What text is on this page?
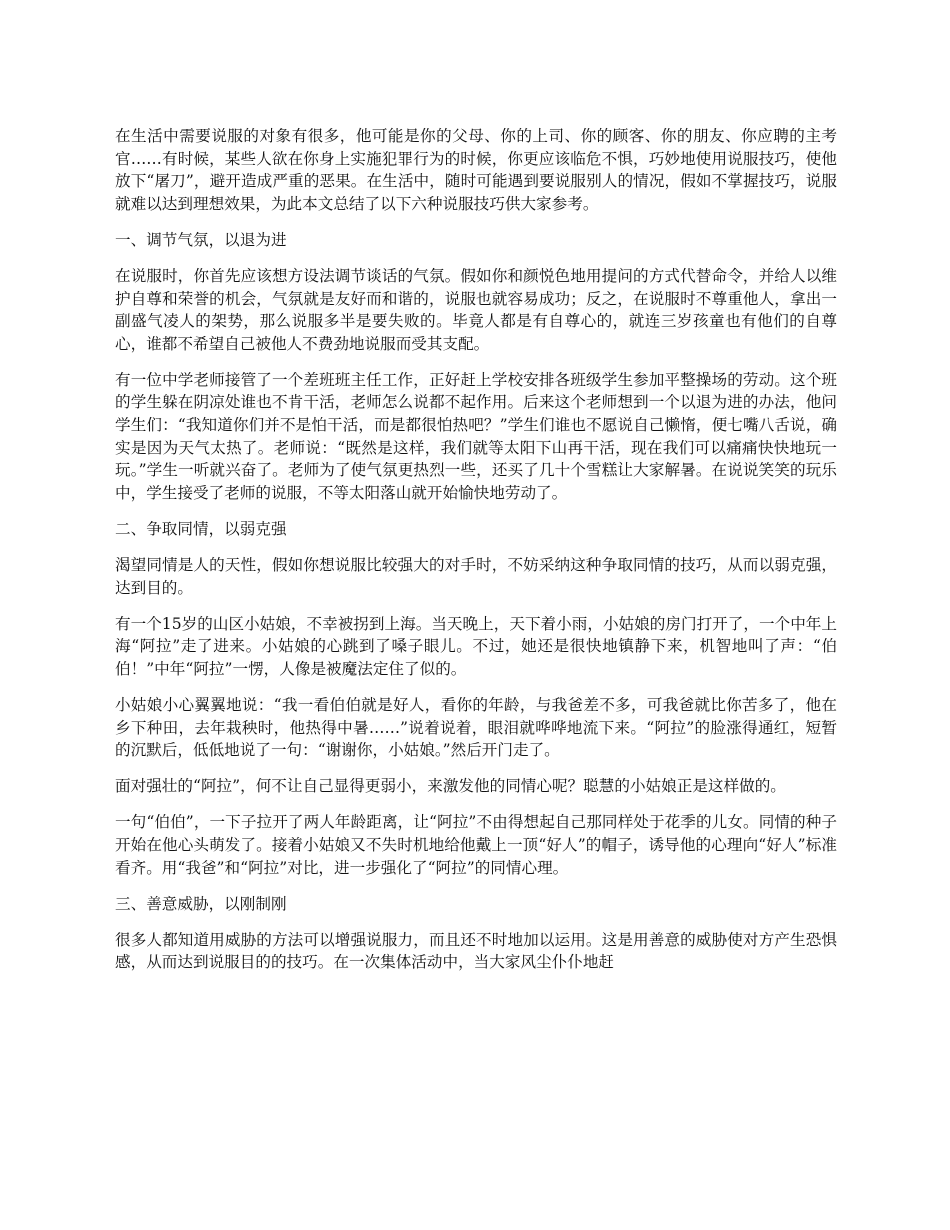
在生活中需要说服的对象有很多，他可能是你的父母、你的上司、你的顾客、你的朋友、你应聘的主考官……有时候，某些人欲在你身上实施犯罪行为的时候，你更应该临危不惧，巧妙地使用说服技巧，使他放下“屠刀”，避开造成严重的恶果。在生活中，随时可能遇到要说服别人的情况，假如不掌握技巧，说服就难以达到理想效果，为此本文总结了以下六种说服技巧供大家参考。

一、调节气氛，以退为进

在说服时，你首先应该想方设法调节谈话的气氛。假如你和颜悦色地用提问的方式代替命令，并给人以维护自尊和荣誉的机会，气氛就是友好而和谐的，说服也就容易成功；反之，在说服时不尊重他人，拿出一副盛气凌人的架势，那么说服多半是要失败的。毕竟人都是有自尊心的，就连三岁孩童也有他们的自尊心，谁都不希望自己被他人不费劲地说服而受其支配。

有一位中学老师接管了一个差班班主任工作，正好赶上学校安排各班级学生参加平整操场的劳动。这个班的学生躲在阴凉处谁也不肯干活，老师怎么说都不起作用。后来这个老师想到一个以退为进的办法，他问学生们：“我知道你们并不是怕干活，而是都很怕热吧？”学生们谁也不愿说自己懒惰，便七嘴八舌说，确实是因为天气太热了。老师说：“既然是这样，我们就等太阳下山再干活，现在我们可以痛痛快快地玩一玩。”学生一听就兴奋了。老师为了使气氛更热烈一些，还买了几十个雪糕让大家解暑。在说说笑笑的玩乐中，学生接受了老师的说服，不等太阳落山就开始愉快地劳动了。

二、争取同情，以弱克强

渴望同情是人的天性，假如你想说服比较强大的对手时，不妨采纳这种争取同情的技巧，从而以弱克强，达到目的。

有一个15岁的山区小姑娘，不幸被拐到上海。当天晚上，天下着小雨，小姑娘的房门打开了，一个中年上海“阿拉”走了进来。小姑娘的心跳到了嗓子眼儿。不过，她还是很快地镇静下来，机智地叫了声：“伯伯！”中年“阿拉”一愣，人像是被魔法定住了似的。

小姑娘小心翼翼地说：“我一看伯伯就是好人，看你的年龄，与我爸差不多，可我爸就比你苦多了，他在乡下种田，去年栽秧时，他热得中暑……”说着说着，眼泪就哗哗地流下来。“阿拉”的脸涨得通红，短暂的沉默后，低低地说了一句：“谢谢你，小姑娘。”然后开门走了。

面对强壮的“阿拉”，何不让自己显得更弱小，来激发他的同情心呢？聪慧的小姑娘正是这样做的。

一句“伯伯”，一下子拉开了两人年龄距离，让“阿拉”不由得想起自己那同样处于花季的儿女。同情的种子开始在他心头萌发了。接着小姑娘又不失时机地给他戴上一顶“好人”的帽子，诱导他的心理向“好人”标准看齐。用“我爸”和“阿拉”对比，进一步强化了“阿拉”的同情心理。

三、善意威胁，以刚制刚

很多人都知道用威胁的方法可以增强说服力，而且还不时地加以运用。这是用善意的威胁使对方产生恐惧感，从而达到说服目的的技巧。在一次集体活动中，当大家风尘仆仆地赶
